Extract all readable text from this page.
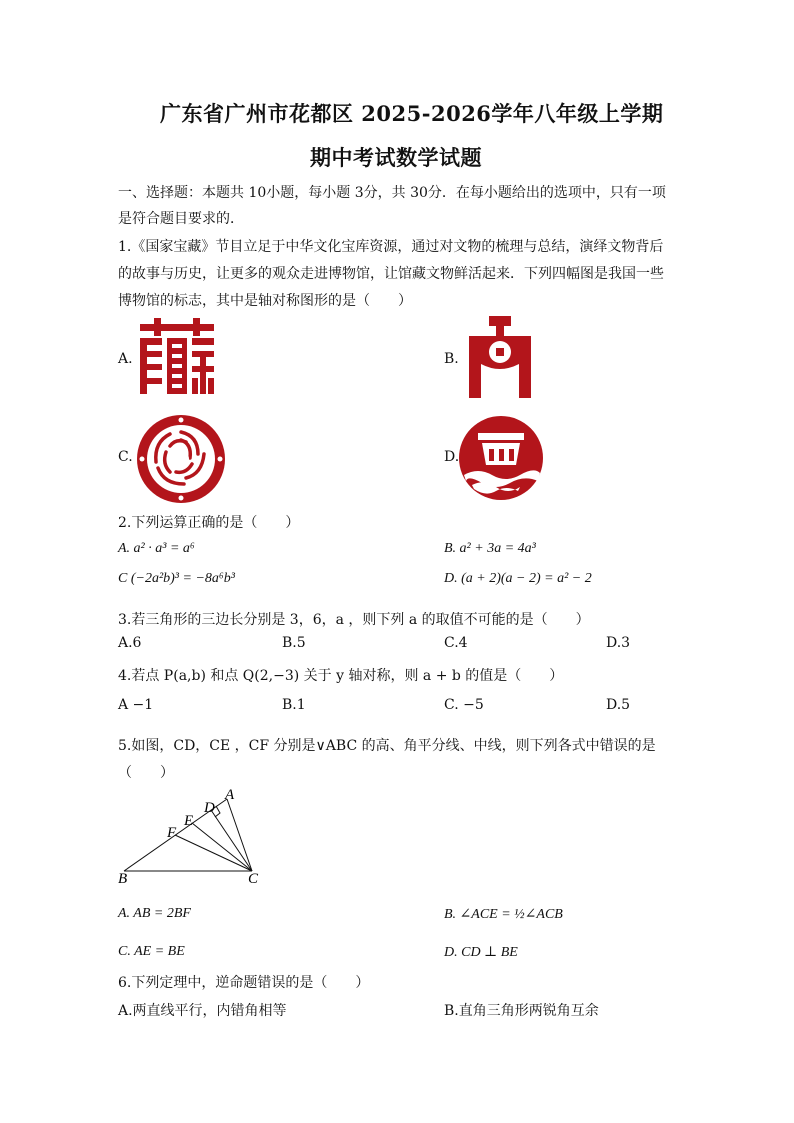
广东省广州市花都区 2025-2026学年八年级上学期
期中考试数学试题
一、选择题：本题共 10小题，每小题 3分，共 30分．在每小题给出的选项中，只有一项
是符合题目要求的．
1.《国家宝藏》节目立足于中华文化宝库资源，通过对文物的梳理与总结，演绎文物背后
的故事与历史，让更多的观众走进博物馆，让馆藏文物鲜活起来．下列四幅图是我国一些
博物馆的标志，其中是轴对称图形的是（　　）
A.	B.
C.	D.
2.下列运算正确的是（　　）
A. a² · a³ = a⁶	B. a² + 3a = 4a³
C (−2a²b)³ = −8a⁶b³	D. (a + 2)(a − 2) = a² − 2
3.若三角形的三边长分别是 3，6，a ，则下列 a 的取值不可能的是（　　）
A.6	B.5	C.4	D.3
4.若点 P(a,b) 和点 Q(2,−3) 关于 y 轴对称，则 a + b 的值是（　　）
A −1	B.1	C. −5	D.5
5.如图，CD，CE ，CF 分别是∨ABC 的高、角平分线、中线，则下列各式中错误的是
（　　）
A
D
E
F
B	C
A. AB = 2BF	B. ∠ACE = ½∠ACB
C. AE = BE	D. CD ⊥ BE
6.下列定理中，逆命题错误的是（　　）
A.两直线平行，内错角相等	B.直角三角形两锐角互余
